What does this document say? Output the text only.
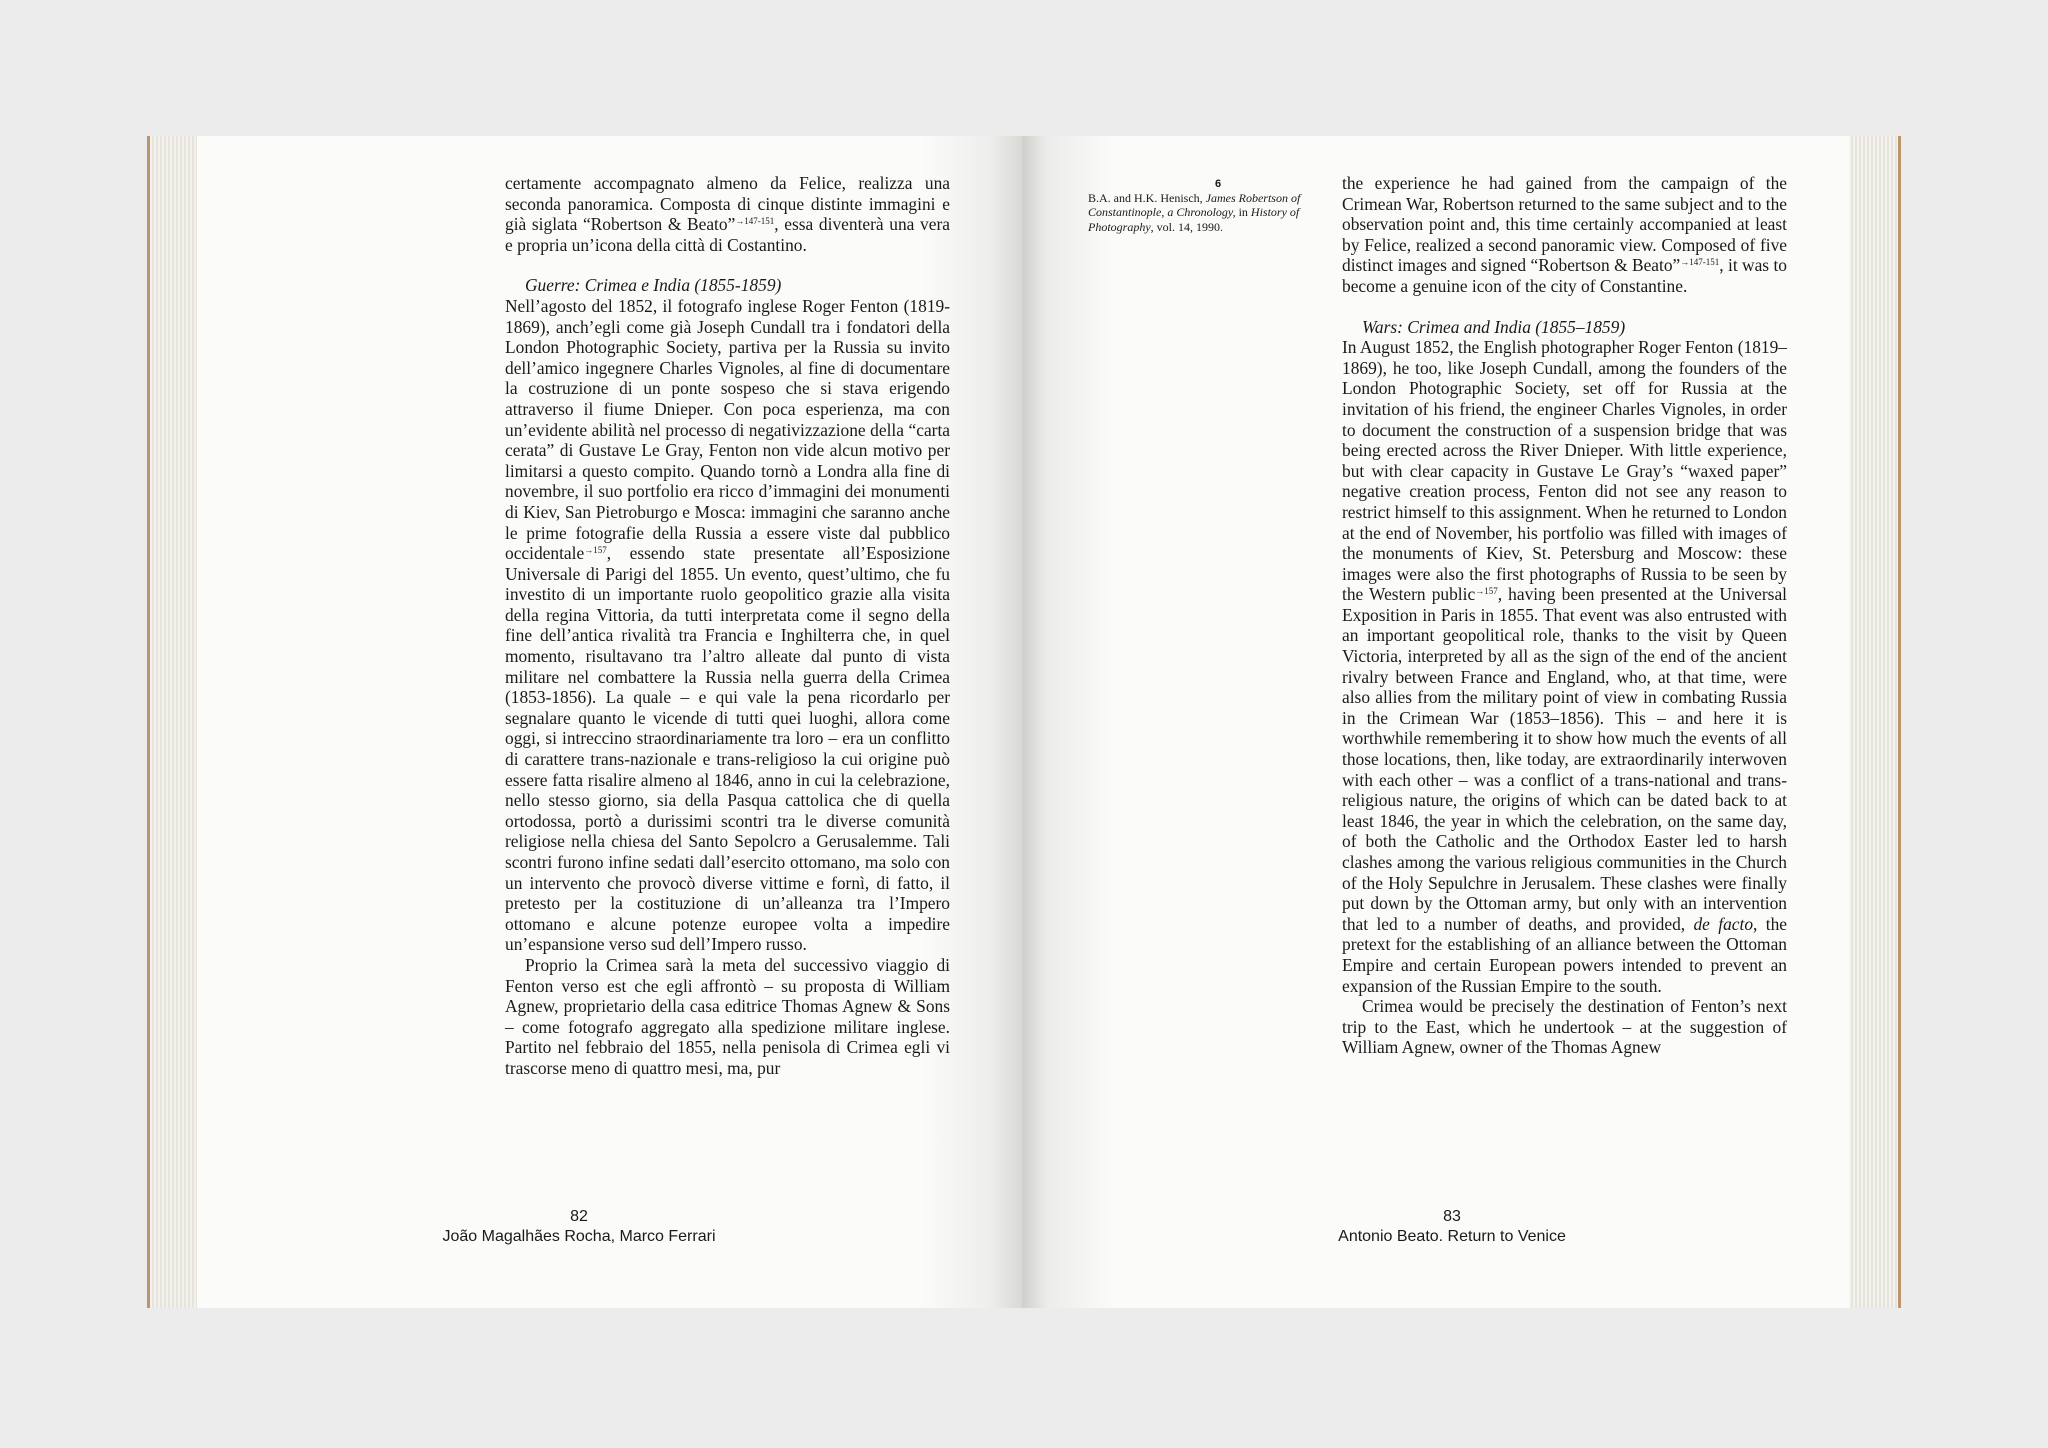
certamente accompagnato almeno da Felice, realizza una seconda panoramica. Composta di cinque distinte immagini e già siglata “Robertson & Beato”$^{\to 147-151}$, essa diventerà una vera e propria un’icona della città di Costantino.

Guerre: Crimea e India (1855-1859)

Nell’agosto del 1852, il fotografo inglese Roger Fenton (1819-1869), anch’egli come già Joseph Cundall tra i fondatori della London Photographic Society, partiva per la Russia su invito dell’amico ingegnere Charles Vignoles, al fine di documentare la costruzione di un ponte sospeso che si stava erigendo attraverso il fiume Dnieper. Con poca esperienza, ma con un’evidente abilità nel processo di negativizzazione della “carta cerata” di Gustave Le Gray, Fenton non vide alcun motivo per limitarsi a questo compito. Quando tornò a Londra alla fine di novembre, il suo portfolio era ricco d’immagini dei monumenti di Kiev, San Pietroburgo e Mosca: immagini che saranno anche le prime fotografie della Russia a essere viste dal pubblico occidentale$^{\to 157}$, essendo state presentate all’Esposizione Universale di Parigi del 1855. Un evento, quest’ultimo, che fu investito di un importante ruolo geopolitico grazie alla visita della regina Vittoria, da tutti interpretata come il segno della fine dell’antica rivalità tra Francia e Inghilterra che, in quel momento, risultavano tra l’altro alleate dal punto di vista militare nel combattere la Russia nella guerra della Crimea (1853-1856). La quale – e qui vale la pena ricordarlo per segnalare quanto le vicende di tutti quei luoghi, allora come oggi, si intreccino straordinariamente tra loro – era un conflitto di carattere trans-nazionale e trans-religioso la cui origine può essere fatta risalire almeno al 1846, anno in cui la celebrazione, nello stesso giorno, sia della Pasqua cattolica che di quella ortodossa, portò a durissimi scontri tra le diverse comunità religiose nella chiesa del Santo Sepolcro a Gerusalemme. Tali scontri furono infine sedati dall’esercito ottomano, ma solo con un intervento che provocò diverse vittime e fornì, di fatto, il pretesto per la costituzione di un’alleanza tra l’Impero ottomano e alcune potenze europee volta a impedire un’espansione verso sud dell’Impero russo.

Proprio la Crimea sarà la meta del successivo viaggio di Fenton verso est che egli affrontò – su proposta di William Agnew, proprietario della casa editrice Thomas Agnew & Sons – come fotografo aggregato alla spedizione militare inglese. Partito nel febbraio del 1855, nella penisola di Crimea egli vi trascorse meno di quattro mesi, ma, pur

82
João Magalhães Rocha, Marco Ferrari
6
B.A. and H.K. Henisch, James Robertson of Constantinople, a Chronology, in History of Photography, vol. 14, 1990.

the experience he had gained from the campaign of the Crimean War, Robertson returned to the same subject and to the observation point and, this time certainly accompanied at least by Felice, realized a second panoramic view. Composed of five distinct images and signed “Robertson & Beato”$^{\to 147-151}$, it was to become a genuine icon of the city of Constantine.

Wars: Crimea and India (1855–1859)

In August 1852, the English photographer Roger Fenton (1819–1869), he too, like Joseph Cundall, among the founders of the London Photographic Society, set off for Russia at the invitation of his friend, the engineer Charles Vignoles, in order to document the construction of a suspension bridge that was being erected across the River Dnieper. With little experience, but with clear capacity in Gustave Le Gray’s “waxed paper” negative creation process, Fenton did not see any reason to restrict himself to this assignment. When he returned to London at the end of November, his portfolio was filled with images of the monuments of Kiev, St. Petersburg and Moscow: these images were also the first photographs of Russia to be seen by the Western public$^{\to 157}$, having been presented at the Universal Exposition in Paris in 1855. That event was also entrusted with an important geopolitical role, thanks to the visit by Queen Victoria, interpreted by all as the sign of the end of the ancient rivalry between France and England, who, at that time, were also allies from the military point of view in combating Russia in the Crimean War (1853–1856). This – and here it is worthwhile remembering it to show how much the events of all those locations, then, like today, are extraordinarily interwoven with each other – was a conflict of a trans-national and trans-religious nature, the origins of which can be dated back to at least 1846, the year in which the celebration, on the same day, of both the Catholic and the Orthodox Easter led to harsh clashes among the various religious communities in the Church of the Holy Sepulchre in Jerusalem. These clashes were finally put down by the Ottoman army, but only with an intervention that led to a number of deaths, and provided, de facto, the pretext for the establishing of an alliance between the Ottoman Empire and certain European powers intended to prevent an expansion of the Russian Empire to the south.

Crimea would be precisely the destination of Fenton’s next trip to the East, which he undertook – at the suggestion of William Agnew, owner of the Thomas Agnew

83
Antonio Beato. Return to Venice
